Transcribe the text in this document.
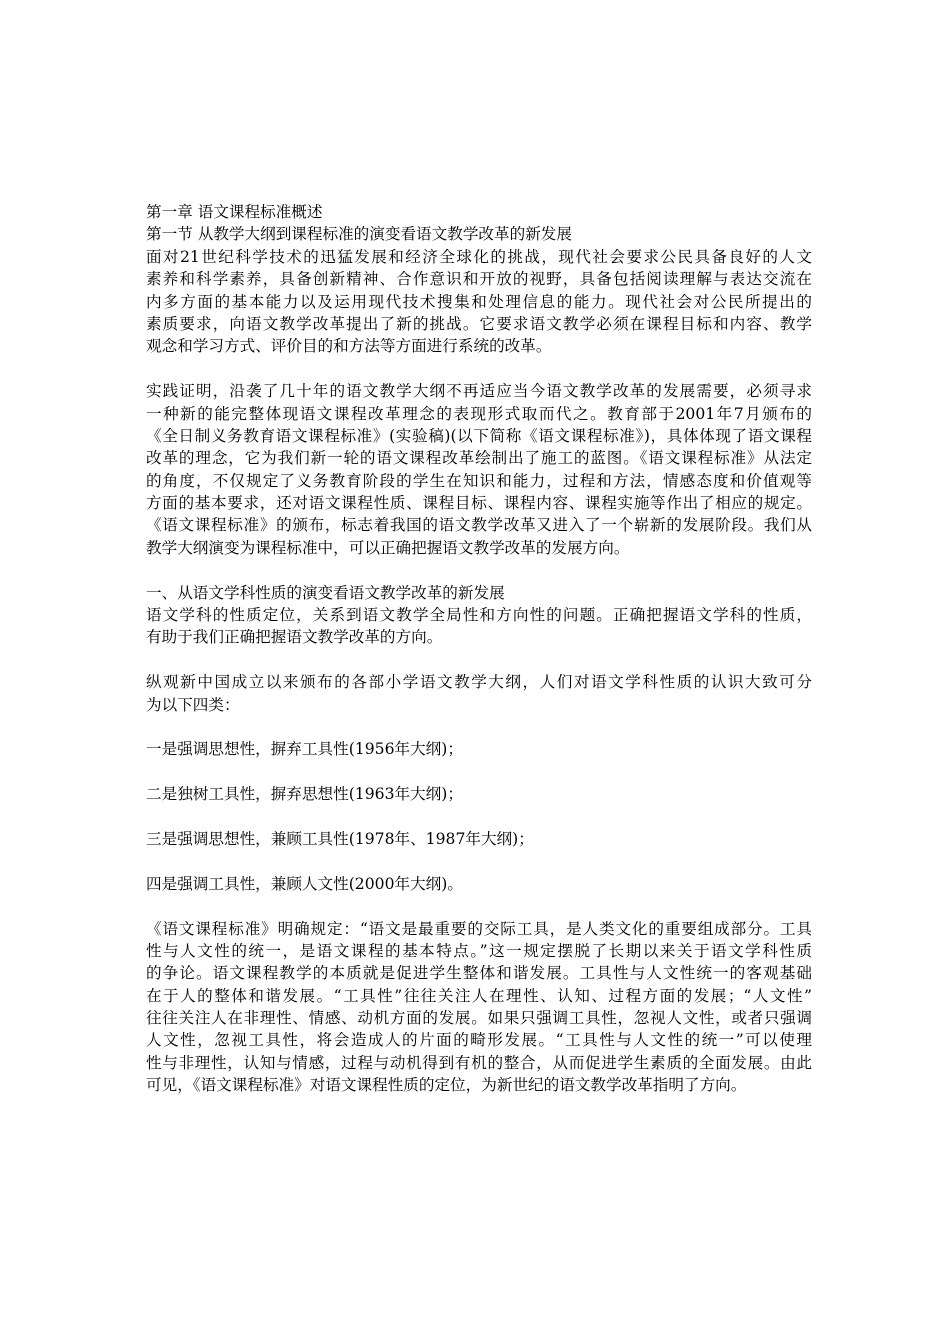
第一章 语文课程标准概述
第一节 从教学大纲到课程标准的演变看语文教学改革的新发展
面对21世纪科学技术的迅猛发展和经济全球化的挑战，现代社会要求公民具备良好的人文
素养和科学素养，具备创新精神、合作意识和开放的视野，具备包括阅读理解与表达交流在
内多方面的基本能力以及运用现代技术搜集和处理信息的能力。现代社会对公民所提出的
素质要求，向语文教学改革提出了新的挑战。它要求语文教学必须在课程目标和内容、教学
观念和学习方式、评价目的和方法等方面进行系统的改革。
实践证明，沿袭了几十年的语文教学大纲不再适应当今语文教学改革的发展需要，必须寻求
一种新的能完整体现语文课程改革理念的表现形式取而代之。教育部于2001年7月颁布的
《全日制义务教育语文课程标准》(实验稿)(以下简称《语文课程标准》)，具体体现了语文课程
改革的理念，它为我们新一轮的语文课程改革绘制出了施工的蓝图。《语文课程标准》从法定
的角度，不仅规定了义务教育阶段的学生在知识和能力，过程和方法，情感态度和价值观等
方面的基本要求，还对语文课程性质、课程目标、课程内容、课程实施等作出了相应的规定。
《语文课程标准》的颁布，标志着我国的语文教学改革又进入了一个崭新的发展阶段。我们从
教学大纲演变为课程标准中，可以正确把握语文教学改革的发展方向。
一、从语文学科性质的演变看语文教学改革的新发展
语文学科的性质定位，关系到语文教学全局性和方向性的问题。正确把握语文学科的性质，
有助于我们正确把握语文教学改革的方向。
纵观新中国成立以来颁布的各部小学语文教学大纲，人们对语文学科性质的认识大致可分
为以下四类：
一是强调思想性，摒弃工具性(1956年大纲)；
二是独树工具性，摒弃思想性(1963年大纲)；
三是强调思想性，兼顾工具性(1978年、1987年大纲)；
四是强调工具性，兼顾人文性(2000年大纲)。
《语文课程标准》明确规定：“语文是最重要的交际工具，是人类文化的重要组成部分。工具
性与人文性的统一，是语文课程的基本特点。”这一规定摆脱了长期以来关于语文学科性质
的争论。语文课程教学的本质就是促进学生整体和谐发展。工具性与人文性统一的客观基础
在于人的整体和谐发展。“工具性”往往关注人在理性、认知、过程方面的发展；“人文性”
往往关注人在非理性、情感、动机方面的发展。如果只强调工具性，忽视人文性，或者只强调
人文性，忽视工具性，将会造成人的片面的畸形发展。“工具性与人文性的统一”可以使理
性与非理性，认知与情感，过程与动机得到有机的整合，从而促进学生素质的全面发展。由此
可见，《语文课程标准》对语文课程性质的定位，为新世纪的语文教学改革指明了方向。
